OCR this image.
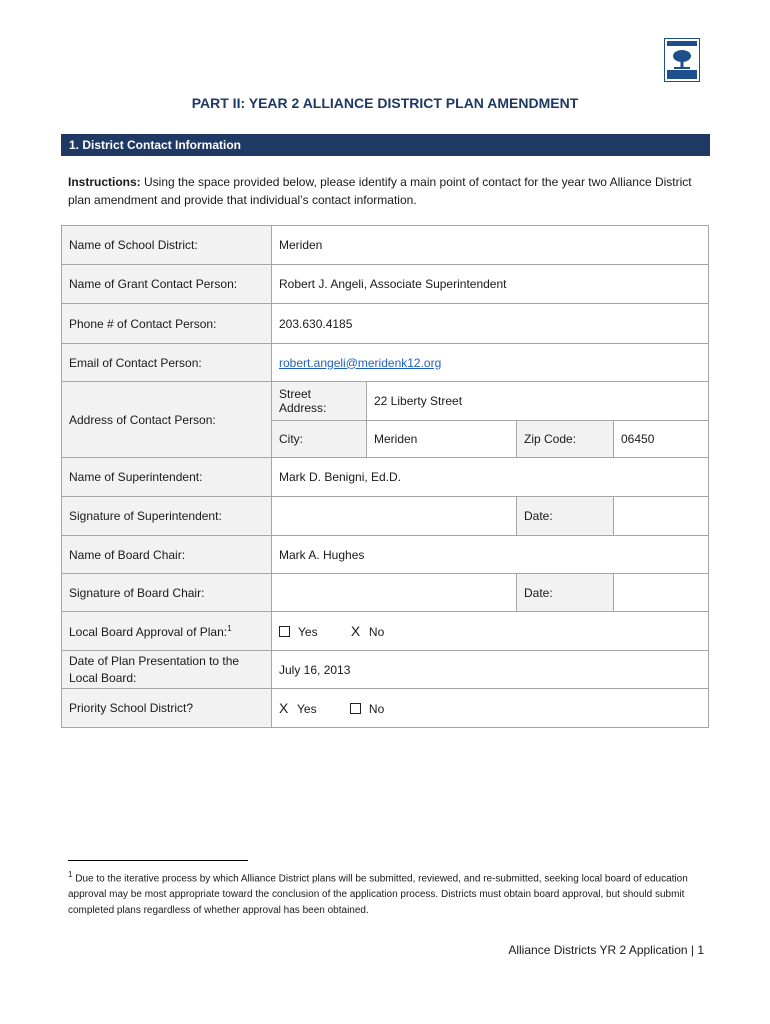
PART II: YEAR 2 ALLIANCE DISTRICT PLAN AMENDMENT
1. District Contact Information
Instructions: Using the space provided below, please identify a main point of contact for the year two Alliance District plan amendment and provide that individual’s contact information.
Name of School District:	Meriden			
Name of Grant Contact Person:	Robert J. Angeli, Associate Superintendent			
Phone # of Contact Person:	203.630.4185			
Email of Contact Person:	robert.angeli@meridenk12.org			
Address of Contact Person:	Street Address:	22 Liberty Street		
	City:	Meriden	Zip Code:	06450
Name of Superintendent:	Mark D. Benigni, Ed.D.			
Signature of Superintendent:			Date:	
Name of Board Chair:	Mark A. Hughes			
Signature of Board Chair:			Date:	
Local Board Approval of Plan:$^1$	Yes X No			
Date of Plan Presentation to the Local Board:	July 16, 2013			
Priority School District?	X Yes No			
$^1$ Due to the iterative process by which Alliance District plans will be submitted, reviewed, and re-submitted, seeking local board of education approval may be most appropriate toward the conclusion of the application process. Districts must obtain board approval, but should submit completed plans regardless of whether approval has been obtained.
Alliance Districts YR 2 Application | 1
